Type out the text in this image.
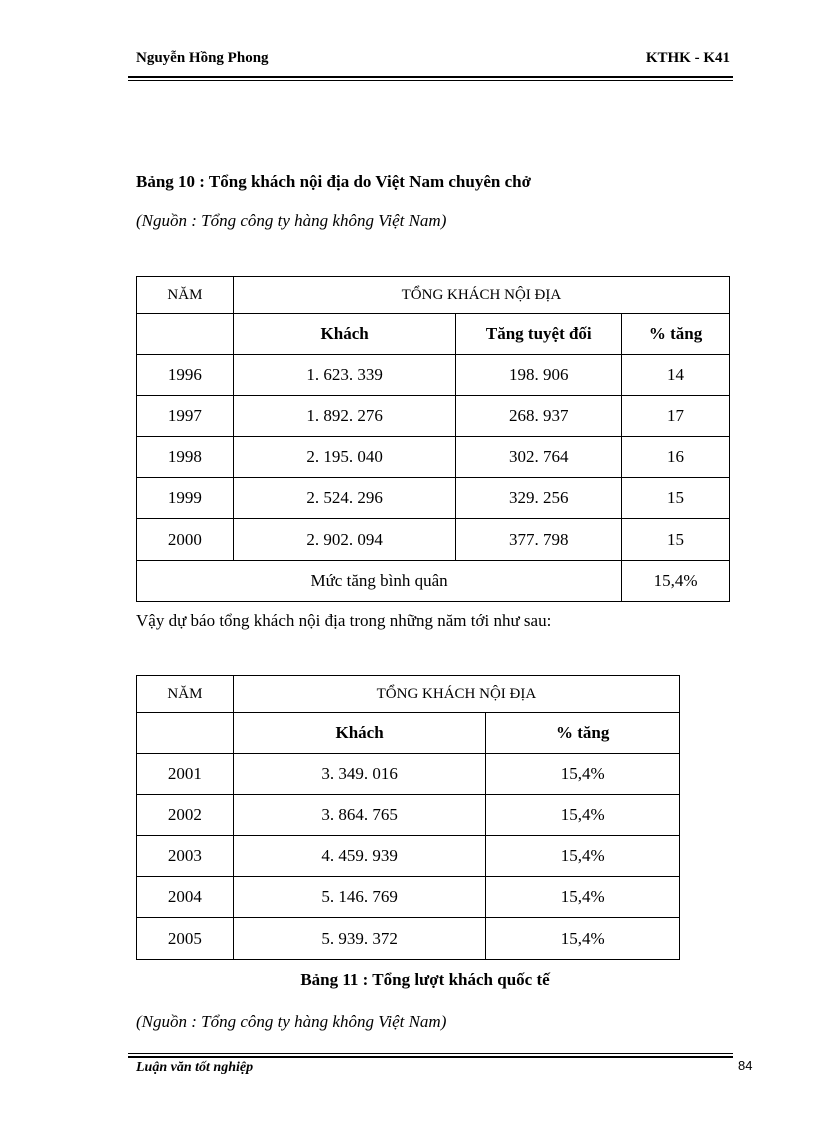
Nguyễn Hồng Phong	KTHK - K41
Bảng 10 : Tổng khách nội địa do Việt Nam chuyên chở
(Nguồn : Tổng công ty hàng không Việt Nam)
NĂM	TỔNG KHÁCH NỘI ĐỊA		
	Khách	Tăng tuyệt đối	% tăng
1996	1. 623. 339	198. 906	14
1997	1. 892. 276	268. 937	17
1998	2. 195. 040	302. 764	16
1999	2. 524. 296	329. 256	15
2000	2. 902. 094	377. 798	15
Mức tăng bình quân			15,4%
Vậy dự báo tổng khách nội địa trong những năm tới như sau:
NĂM	TỔNG KHÁCH NỘI ĐỊA	
	Khách	% tăng
2001	3. 349. 016	15,4%
2002	3. 864. 765	15,4%
2003	4. 459. 939	15,4%
2004	5. 146. 769	15,4%
2005	5. 939. 372	15,4%
Bảng 11 : Tổng lượt khách quốc tế
(Nguồn : Tổng công ty hàng không Việt Nam)
Luận văn tốt nghiệp	84
